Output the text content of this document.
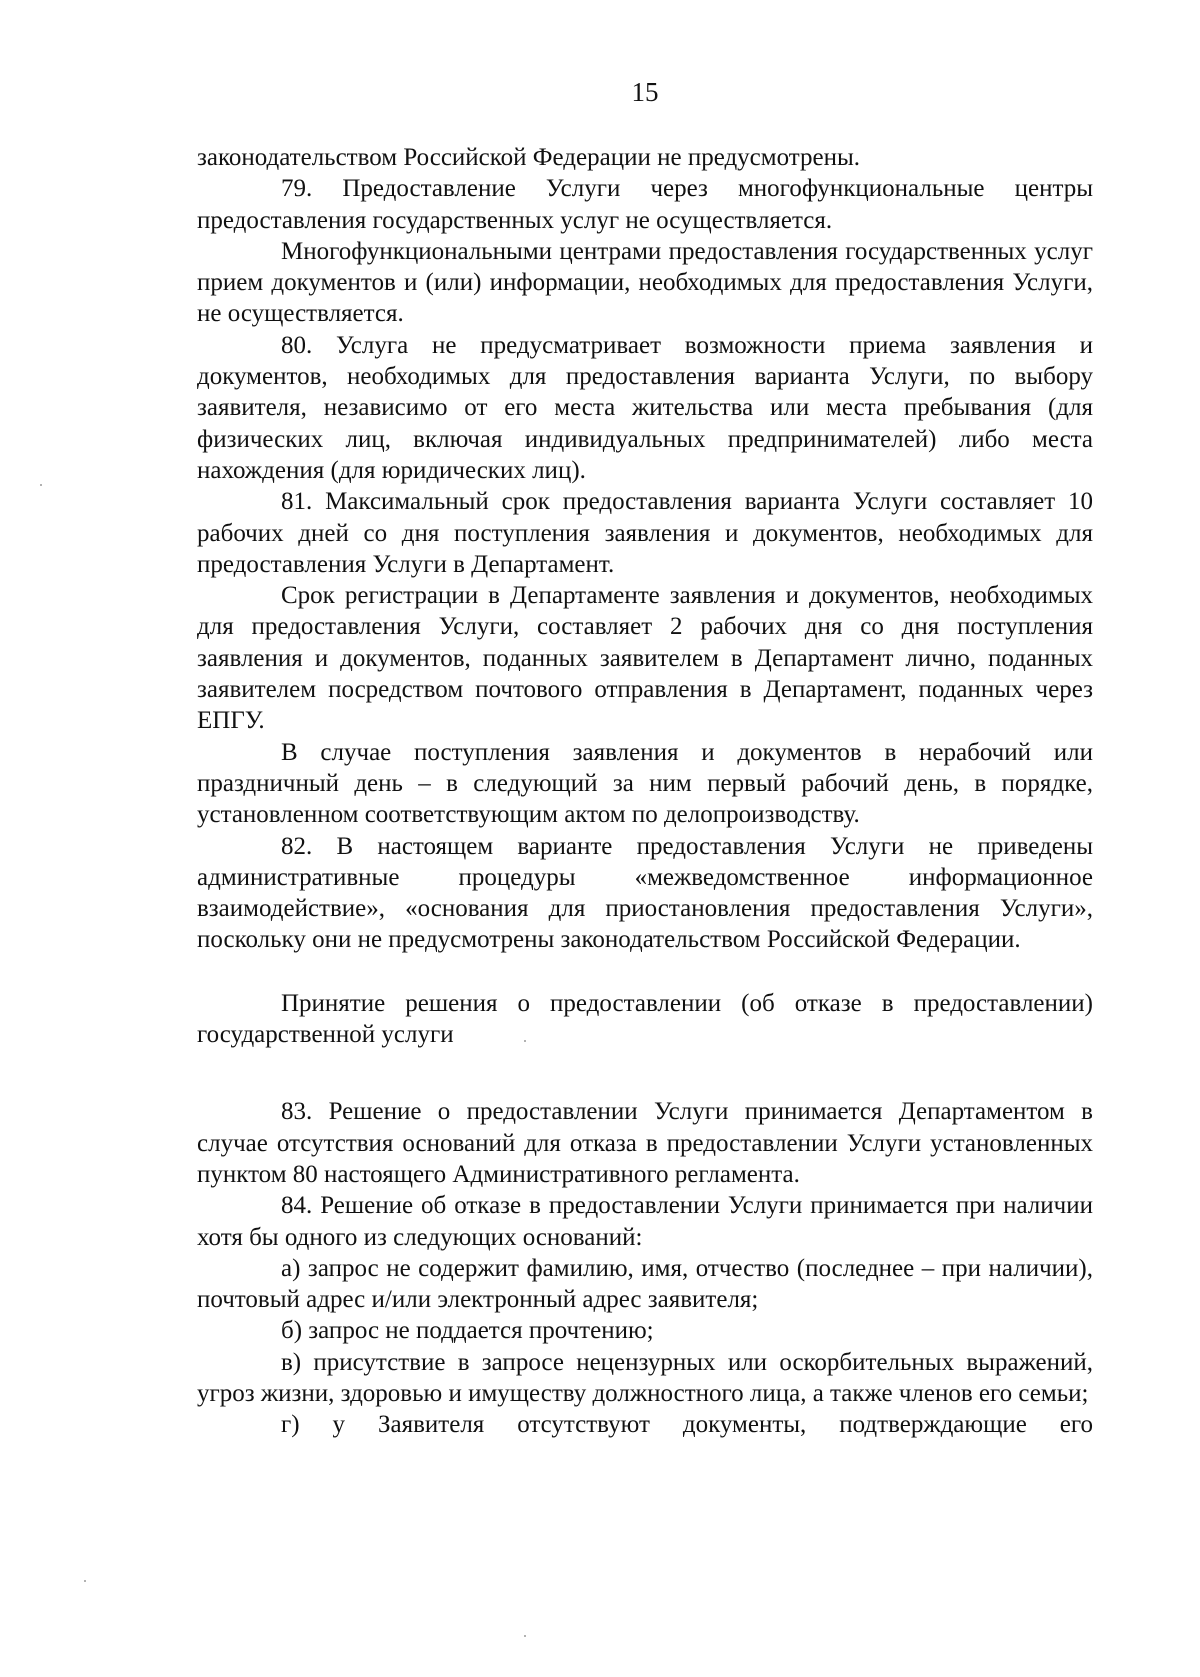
15

законодательством Российской Федерации не предусмотрены.

79. Предоставление Услуги через многофункциональные центры предоставления государственных услуг не осуществляется.

Многофункциональными центрами предоставления государственных услуг прием документов и (или) информации, необходимых для предоставления Услуги, не осуществляется.

80. Услуга не предусматривает возможности приема заявления и документов, необходимых для предоставления варианта Услуги, по выбору заявителя, независимо от его места жительства или места пребывания (для физических лиц, включая индивидуальных предпринимателей) либо места нахождения (для юридических лиц).

81. Максимальный срок предоставления варианта Услуги составляет 10 рабочих дней со дня поступления заявления и документов, необходимых для предоставления Услуги в Департамент.

Срок регистрации в Департаменте заявления и документов, необходимых для предоставления Услуги, составляет 2 рабочих дня со дня поступления заявления и документов, поданных заявителем в Департамент лично, поданных заявителем посредством почтового отправления в Департамент, поданных через ЕПГУ.

В случае поступления заявления и документов в нерабочий или праздничный день – в следующий за ним первый рабочий день, в порядке, установленном соответствующим актом по делопроизводству.

82. В настоящем варианте предоставления Услуги не приведены административные процедуры «межведомственное информационное взаимодействие», «основания для приостановления предоставления Услуги», поскольку они не предусмотрены законодательством Российской Федерации.

Принятие решения о предоставлении (об отказе в предоставлении) государственной услуги

83. Решение о предоставлении Услуги принимается Департаментом в случае отсутствия оснований для отказа в предоставлении Услуги установленных пунктом 80 настоящего Административного регламента.

84. Решение об отказе в предоставлении Услуги принимается при наличии хотя бы одного из следующих оснований:

а) запрос не содержит фамилию, имя, отчество (последнее – при наличии), почтовый адрес и/или электронный адрес заявителя;

б) запрос не поддается прочтению;

в) присутствие в запросе нецензурных или оскорбительных выражений, угроз жизни, здоровью и имуществу должностного лица, а также членов его семьи;

г) у Заявителя отсутствуют документы, подтверждающие его
